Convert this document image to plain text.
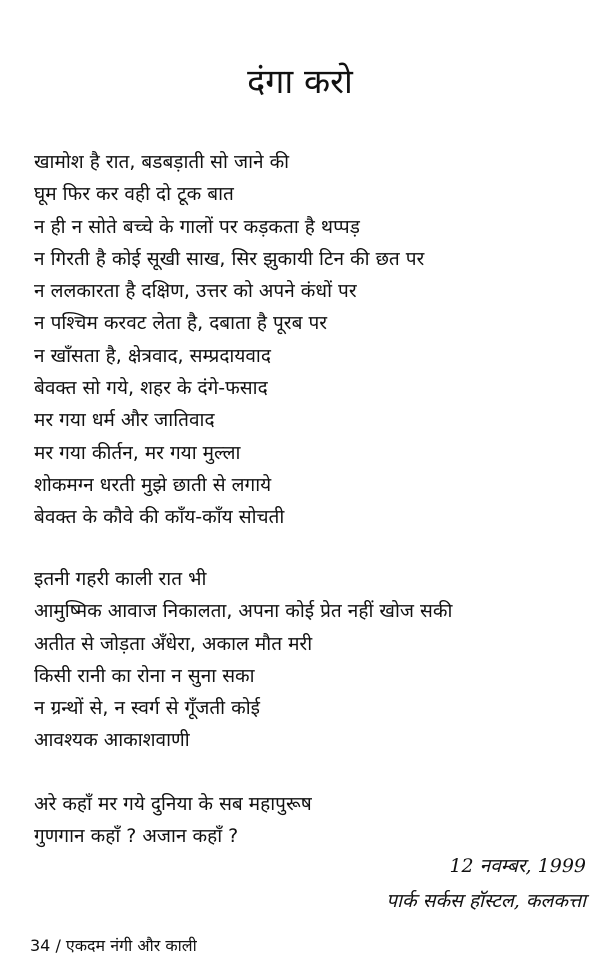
दंगा करो
खामोश है रात, बडबड़ाती सो जाने की
घूम फिर कर वही दो टूक बात
न ही न सोते बच्चे के गालों पर कड़कता है थप्पड़
न गिरती है कोई सूखी साख, सिर झुकायी टिन की छत पर
न ललकारता है दक्षिण, उत्तर को अपने कंधों पर
न पश्चिम करवट लेता है, दबाता है पूरब पर
न खाँसता है, क्षेत्रवाद, सम्प्रदायवाद
बेवक्त सो गये, शहर के दंगे-फसाद
मर गया धर्म और जातिवाद
मर गया कीर्तन, मर गया मुल्ला
शोकमग्न धरती मुझे छाती से लगाये
बेवक्त के कौवे की काँय-काँय सोचती
इतनी गहरी काली रात भी
आमुष्मिक आवाज निकालता, अपना कोई प्रेत नहीं खोज सकी
अतीत से जोड़ता अँधेरा, अकाल मौत मरी
किसी रानी का रोना न सुना सका
न ग्रन्थों से, न स्वर्ग से गूँजती कोई
आवश्यक आकाशवाणी
अरे कहाँ मर गये दुनिया के सब महापुरूष
गुणगान कहाँ ? अजान कहाँ ?
12 नवम्बर, 1999
पार्क सर्कस हॉस्टल, कलकत्ता
34 / एकदम नंगी और काली
